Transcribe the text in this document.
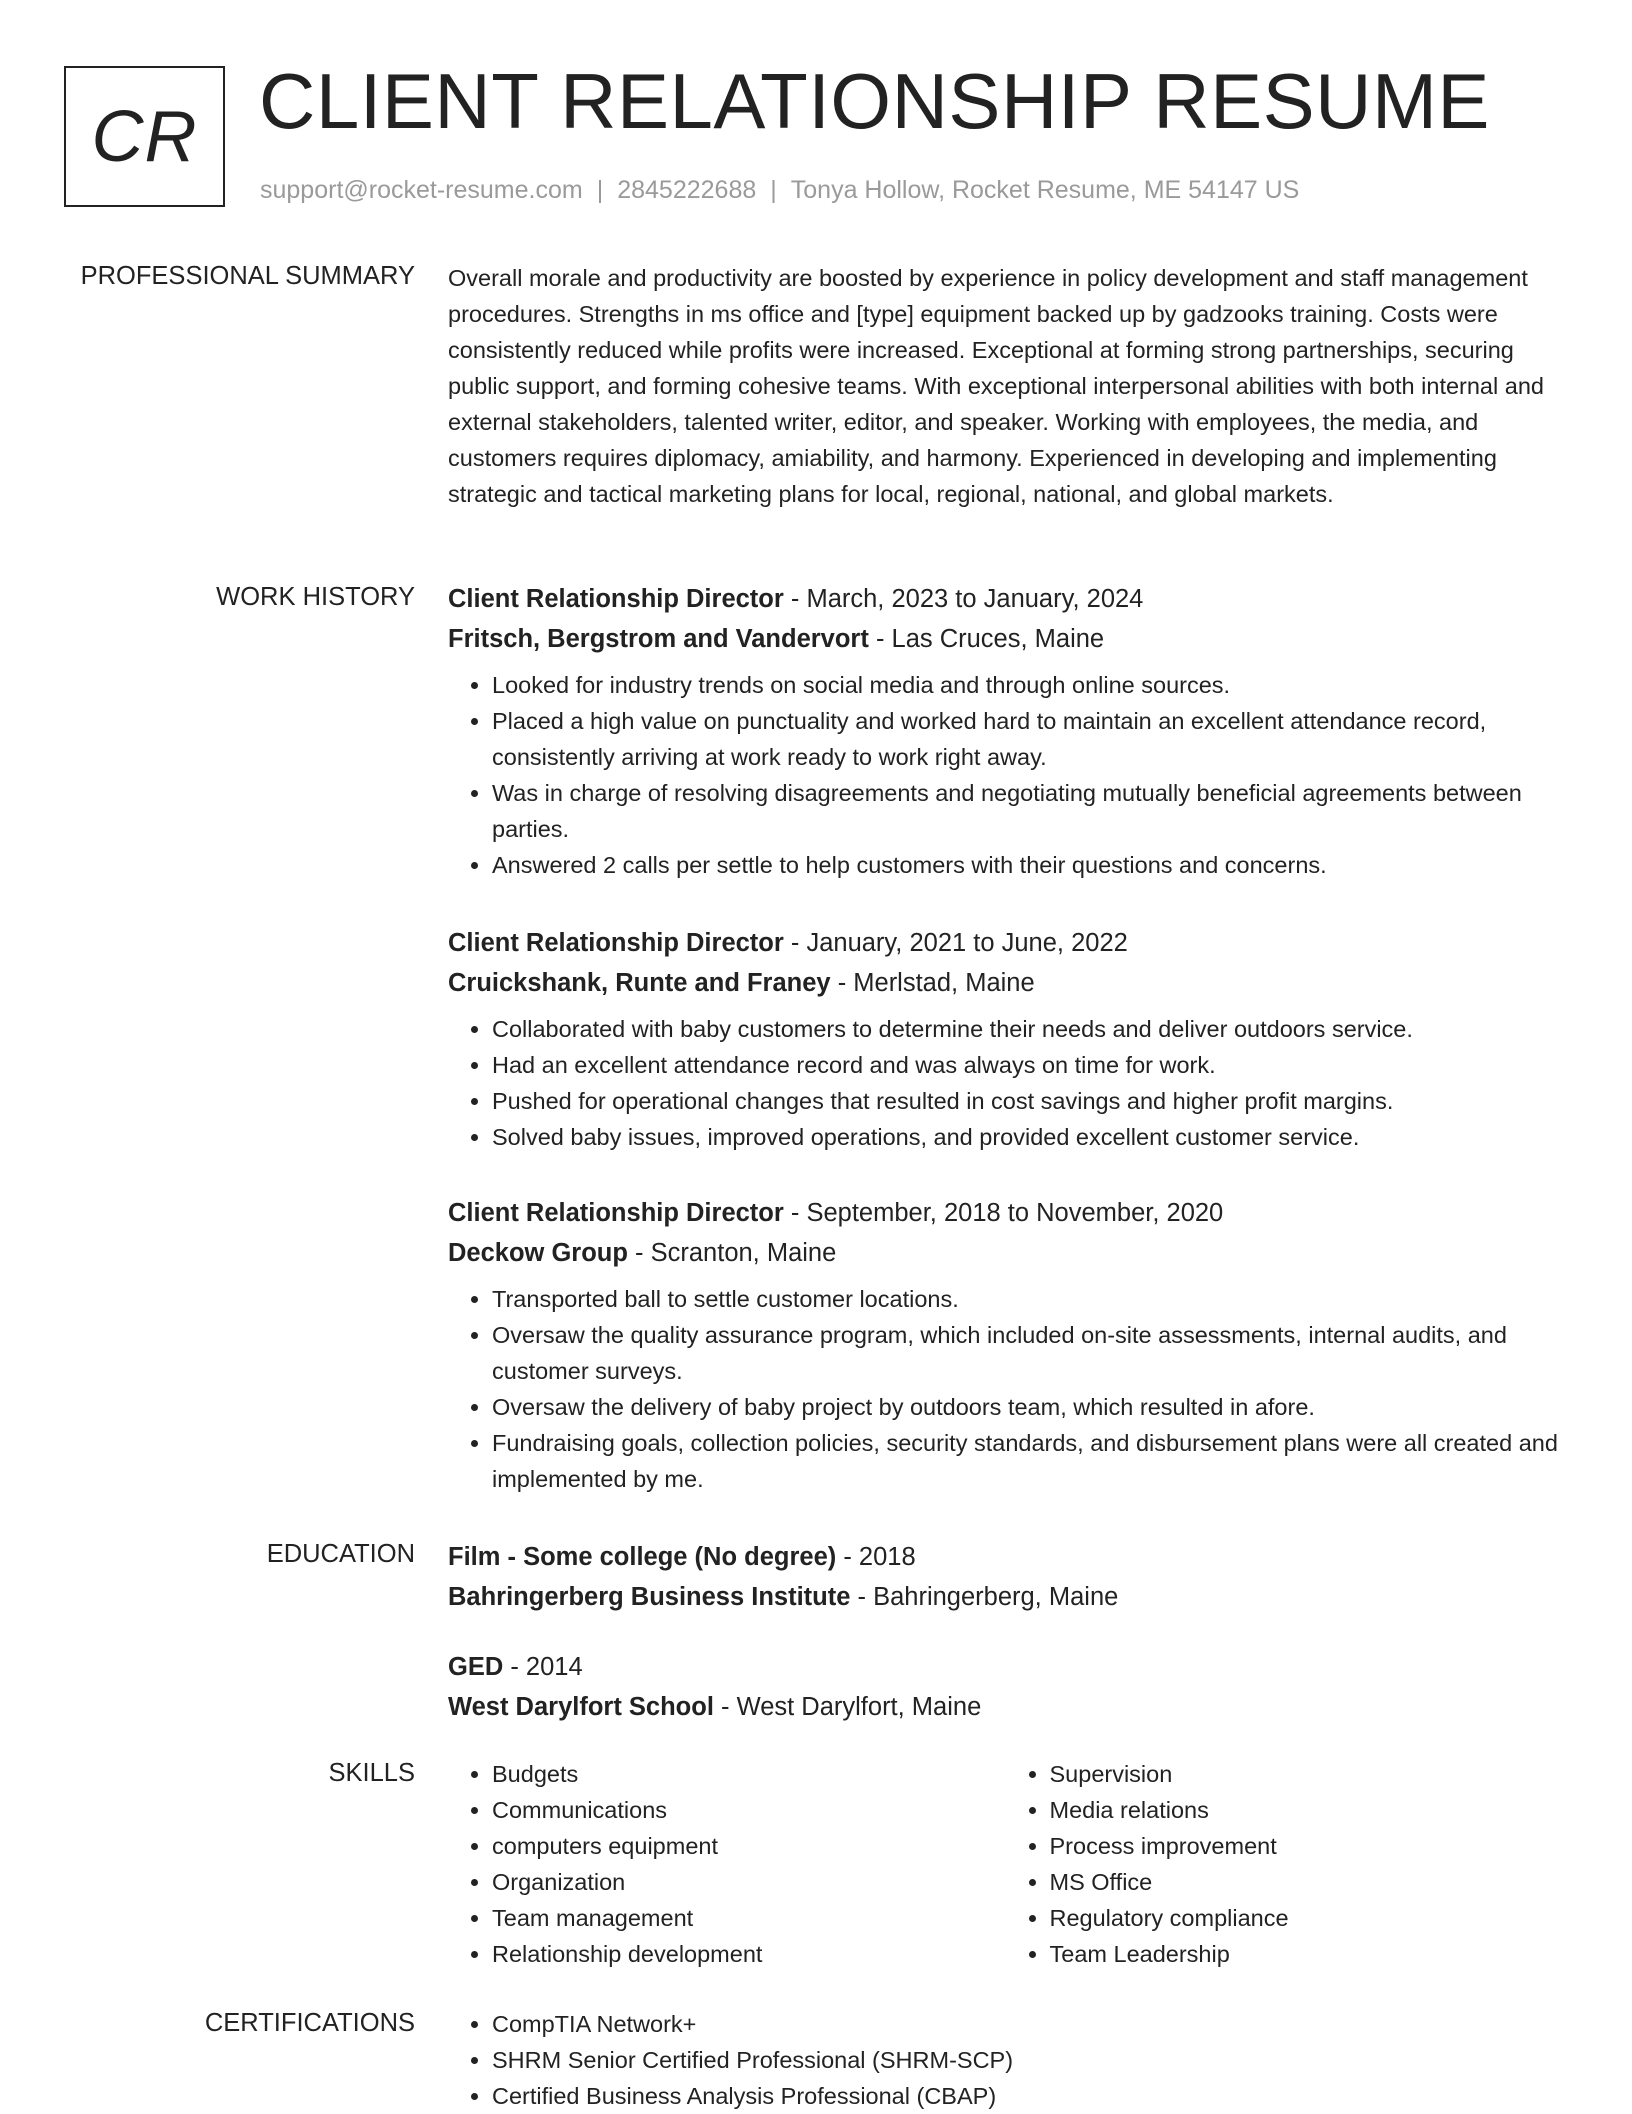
CR CLIENT RELATIONSHIP RESUME
support@rocket-resume.com | 2845222688 | Tonya Hollow, Rocket Resume, ME 54147 US
PROFESSIONAL SUMMARY Overall morale and productivity are boosted by experience in policy development and staff management procedures. Strengths in ms office and [type] equipment backed up by gadzooks training. Costs were consistently reduced while profits were increased. Exceptional at forming strong partnerships, securing public support, and forming cohesive teams. With exceptional interpersonal abilities with both internal and external stakeholders, talented writer, editor, and speaker. Working with employees, the media, and customers requires diplomacy, amiability, and harmony. Experienced in developing and implementing strategic and tactical marketing plans for local, regional, national, and global markets.

WORK HISTORY Client Relationship Director - March, 2023 to January, 2024
Fritsch, Bergstrom and Vandervort - Las Cruces, Maine
• Looked for industry trends on social media and through online sources.
• Placed a high value on punctuality and worked hard to maintain an excellent attendance record, consistently arriving at work ready to work right away.
• Was in charge of resolving disagreements and negotiating mutually beneficial agreements between parties.
• Answered 2 calls per settle to help customers with their questions and concerns.
Client Relationship Director - January, 2021 to June, 2022
Cruickshank, Runte and Franey - Merlstad, Maine
• Collaborated with baby customers to determine their needs and deliver outdoors service.
• Had an excellent attendance record and was always on time for work.
• Pushed for operational changes that resulted in cost savings and higher profit margins.
• Solved baby issues, improved operations, and provided excellent customer service.
Client Relationship Director - September, 2018 to November, 2020
Deckow Group - Scranton, Maine
• Transported ball to settle customer locations.
• Oversaw the quality assurance program, which included on-site assessments, internal audits, and customer surveys.
• Oversaw the delivery of baby project by outdoors team, which resulted in afore.
• Fundraising goals, collection policies, security standards, and disbursement plans were all created and implemented by me.
EDUCATION Film - Some college (No degree) - 2018
Bahringerberg Business Institute - Bahringerberg, Maine
GED - 2014
West Darylfort School - West Darylfort, Maine
SKILLS	• Budgets
• Communications
• computers equipment
• Organization
• Team management
• Relationship development
• Supervision
• Media relations
• Process improvement
• MS Office
• Regulatory compliance
• Team Leadership
CERTIFICATIONS	• CompTIA Network+
• SHRM Senior Certified Professional (SHRM-SCP)
• Certified Business Analysis Professional (CBAP)
